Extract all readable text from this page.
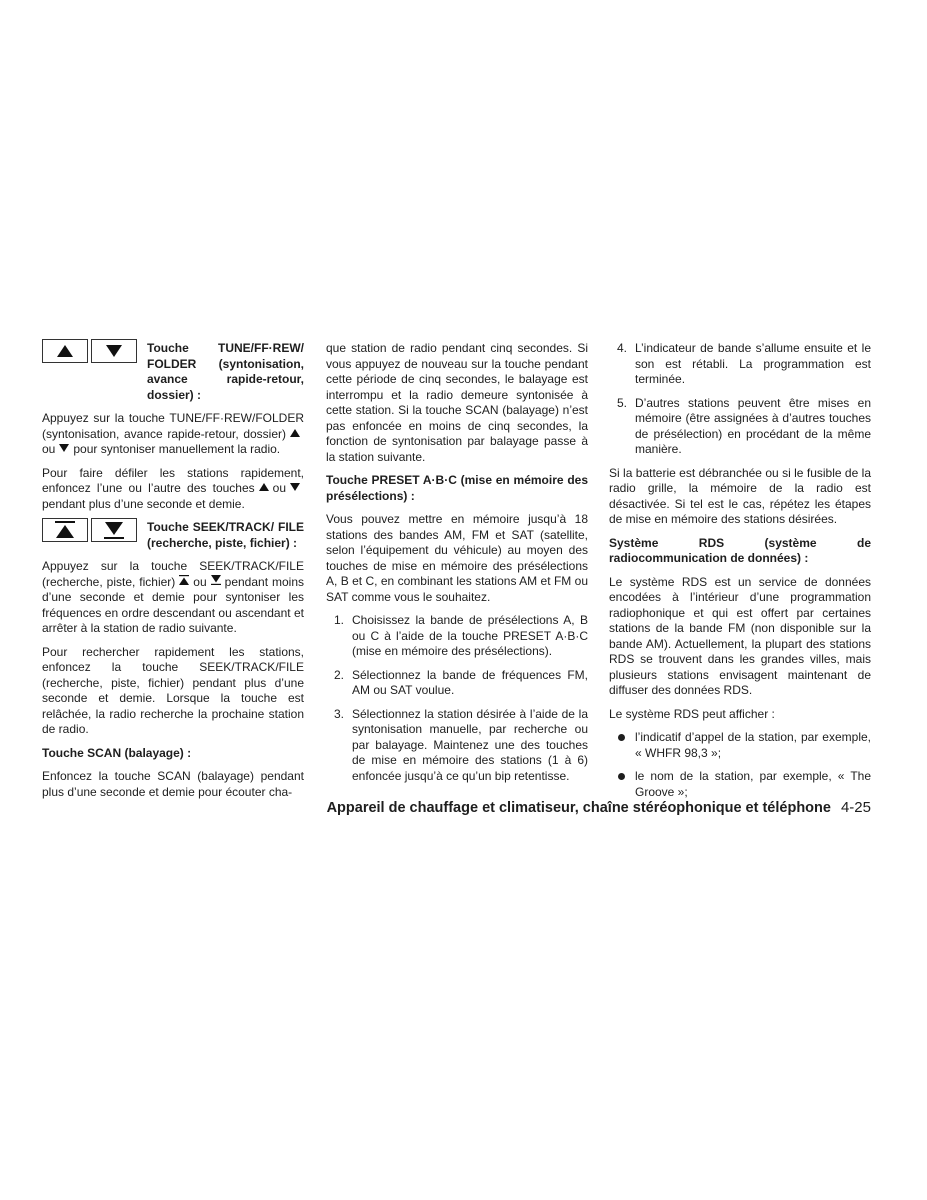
Touche TUNE/FF·REW/ FOLDER (syntonisation, avance rapide-retour, dossier) :

Appuyez sur la touche TUNE/FF·REW/FOLDER (syntonisation, avance rapide-retour, dossier)ou pour syntoniser manuellement la radio.

Pour faire défiler les stations rapidement, enfoncez l’une ou l’autre des touches oupendant plus d’une seconde et demie.

Touche SEEK/TRACK/ FILE (recherche, piste, fichier) :

Appuyez sur la touche SEEK/TRACK/FILE (recherche, piste, fichier) ou pendant moins d’une seconde et demie pour syntoniser les fréquences en ordre descendant ou ascendant et arrêter à la station de radio suivante.

Pour rechercher rapidement les stations, enfoncez la touche SEEK/TRACK/FILE (recherche, piste, fichier) pendant plus d’une seconde et demie. Lorsque la touche est relâchée, la radio recherche la prochaine station de radio.

Touche SCAN (balayage) :

Enfoncez la touche SCAN (balayage) pendant plus d’une seconde et demie pour écouter cha-

que station de radio pendant cinq secondes. Si vous appuyez de nouveau sur la touche pendant cette période de cinq secondes, le balayage est interrompu et la radio demeure syntonisée à cette station. Si la touche SCAN (balayage) n’est pas enfoncée en moins de cinq secondes, la fonction de syntonisation par balayage passe à la station suivante.

Touche PRESET A·B·C (mise en mémoire des présélections) :

Vous pouvez mettre en mémoire jusqu’à 18 stations des bandes AM, FM et SAT (satellite, selon l’équipement du véhicule) au moyen des touches de mise en mémoire des présélections A, B et C, en combinant les stations AM et FM ou SAT comme vous le souhaitez.

1. Choisissez la bande de présélections A, B ou C à l’aide de la touche PRESET A·B·C (mise en mémoire des présélections).
2. Sélectionnez la bande de fréquences FM, AM ou SAT voulue.
3. Sélectionnez la station désirée à l’aide de la syntonisation manuelle, par recherche ou par balayage. Maintenez une des touches de mise en mémoire des stations (1 à 6) enfoncée jusqu’à ce qu’un bip retentisse.
4. L’indicateur de bande s’allume ensuite et le son est rétabli. La programmation est terminée.
5. D’autres stations peuvent être mises en mémoire (être assignées à d’autres touches de présélection) en procédant de la même manière.

Si la batterie est débranchée ou si le fusible de la radio grille, la mémoire de la radio est désactivée. Si tel est le cas, répétez les étapes de mise en mémoire des stations désirées.

Système RDS (système de radiocommunication de données) :

Le système RDS est un service de données encodées à l’intérieur d’une programmation radiophonique et qui est offert par certaines stations de la bande FM (non disponible sur la bande AM). Actuellement, la plupart des stations RDS se trouvent dans les grandes villes, mais plusieurs stations envisagent maintenant de diffuser des données RDS.

Le système RDS peut afficher :

l’indicatif d’appel de la station, par exemple, « WHFR 98,3 »;
le nom de la station, par exemple, « The Groove »;
Appareil de chauffage et climatiseur, chaîne stéréophonique et téléphone 4-25
